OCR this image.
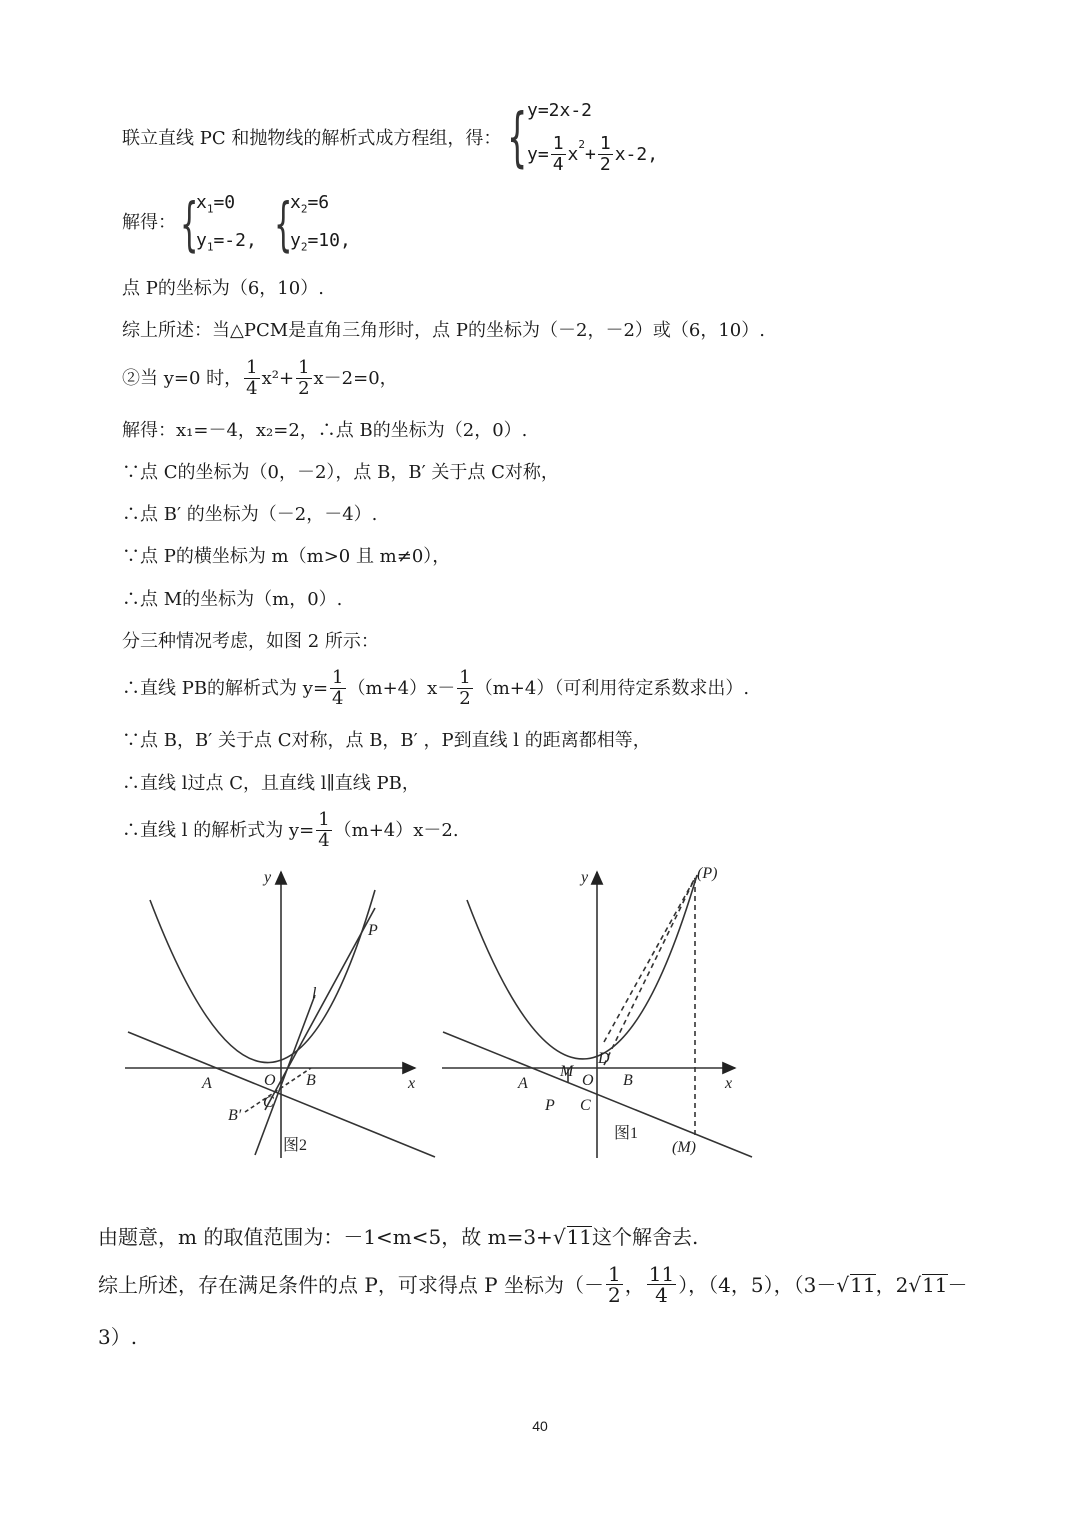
联立直线 PC 和抛物线的解析式成方程组，得： { y=2x-2
$y= \frac{1}{4} x^2 + \frac{1}{2} x-2$ ,
解得： {
$x_1=0$
$y_1=-2$, {
$x_2=6$
$y_2=10$,
点 P的坐标为（6，10）.
综上所述：当△PCM是直角三角形时，点 P的坐标为（－2，－2）或（6，10）.
②当 y=0 时， $\frac{1}{4} x^2+ \frac{1}{2} x-2=0$，
解得：x₁=－4，x₂=2，∴点 B的坐标为（2，0）.
∵点 C的坐标为（0，－2），点 B，B′ 关于点 C对称，
∴点 B′ 的坐标为（－2，－4）.
∵点 P的横坐标为 m（m>0 且 m≠0），
∴点 M的坐标为（m，0）.
分三种情况考虑，如图 2 所示：
∴直线 PB的解析式为 $y= \frac{1}{4} (m+4)x- \frac{1}{2} (m+4)$（可利用待定系数求出）.
∵点 B，B′ 关于点 C对称，点 B，B′ ，P到直线 l 的距离都相等，
∴直线 l过点 C，且直线 l∥直线 PB，
∴直线 l 的解析式为 $y= \frac{1}{4} (m+4)x-2$.
y
x
A	O B
C
B′
P
l
图2
y
x
A
M
O B
C
D
P
(P)
(M)
图1
由题意，m 的取值范围为：－1<m<5，故 m=3+√11这个解舍去.
综上所述，存在满足条件的点 P，可求得点 P 坐标为（－ $\frac{1}{2}$ ， $\frac{11}{4}$ ），（4，5），（3－ √ 11 ，2 √ 11 －
3）.
40
